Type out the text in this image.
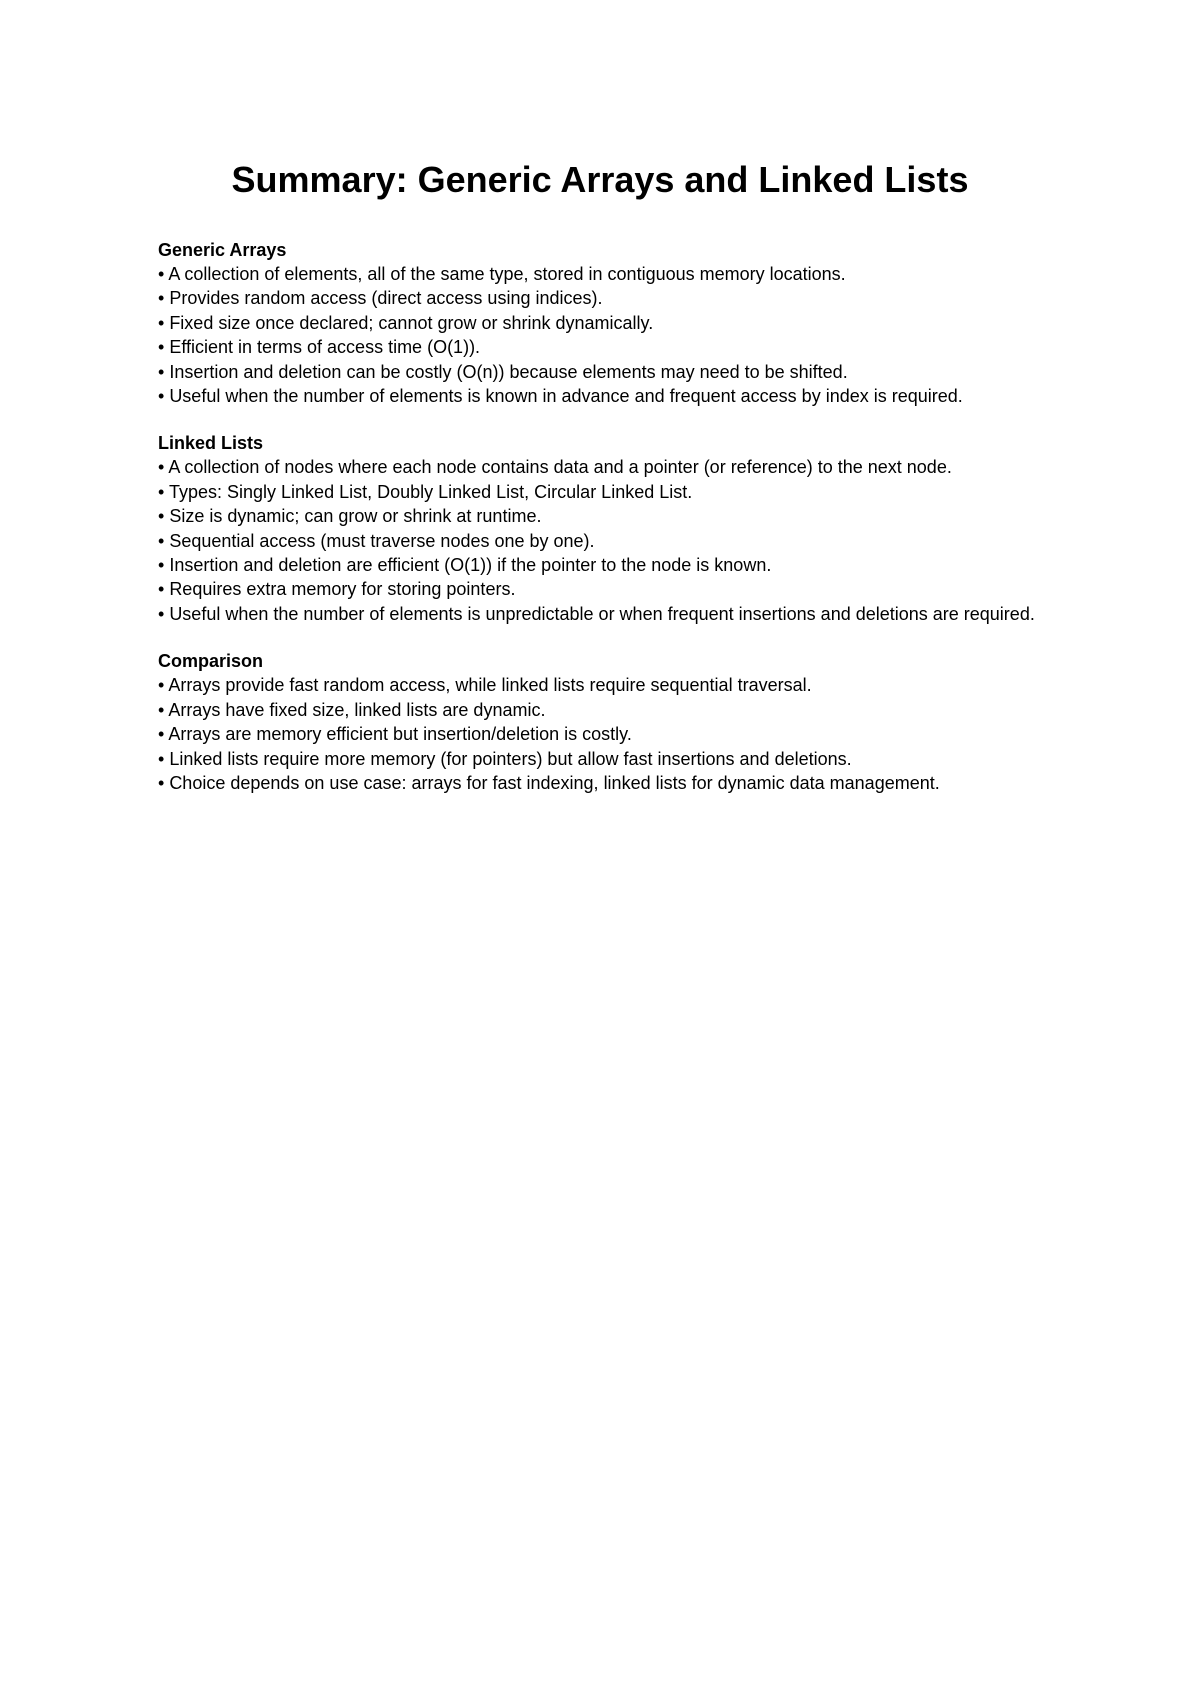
Summary: Generic Arrays and Linked Lists
Generic Arrays
• A collection of elements, all of the same type, stored in contiguous memory locations.
• Provides random access (direct access using indices).
• Fixed size once declared; cannot grow or shrink dynamically.
• Efficient in terms of access time (O(1)).
• Insertion and deletion can be costly (O(n)) because elements may need to be shifted.
• Useful when the number of elements is known in advance and frequent access by index is required.
Linked Lists
• A collection of nodes where each node contains data and a pointer (or reference) to the next node.
• Types: Singly Linked List, Doubly Linked List, Circular Linked List.
• Size is dynamic; can grow or shrink at runtime.
• Sequential access (must traverse nodes one by one).
• Insertion and deletion are efficient (O(1)) if the pointer to the node is known.
• Requires extra memory for storing pointers.
• Useful when the number of elements is unpredictable or when frequent insertions and deletions are required.
Comparison
• Arrays provide fast random access, while linked lists require sequential traversal.
• Arrays have fixed size, linked lists are dynamic.
• Arrays are memory efficient but insertion/deletion is costly.
• Linked lists require more memory (for pointers) but allow fast insertions and deletions.
• Choice depends on use case: arrays for fast indexing, linked lists for dynamic data management.
